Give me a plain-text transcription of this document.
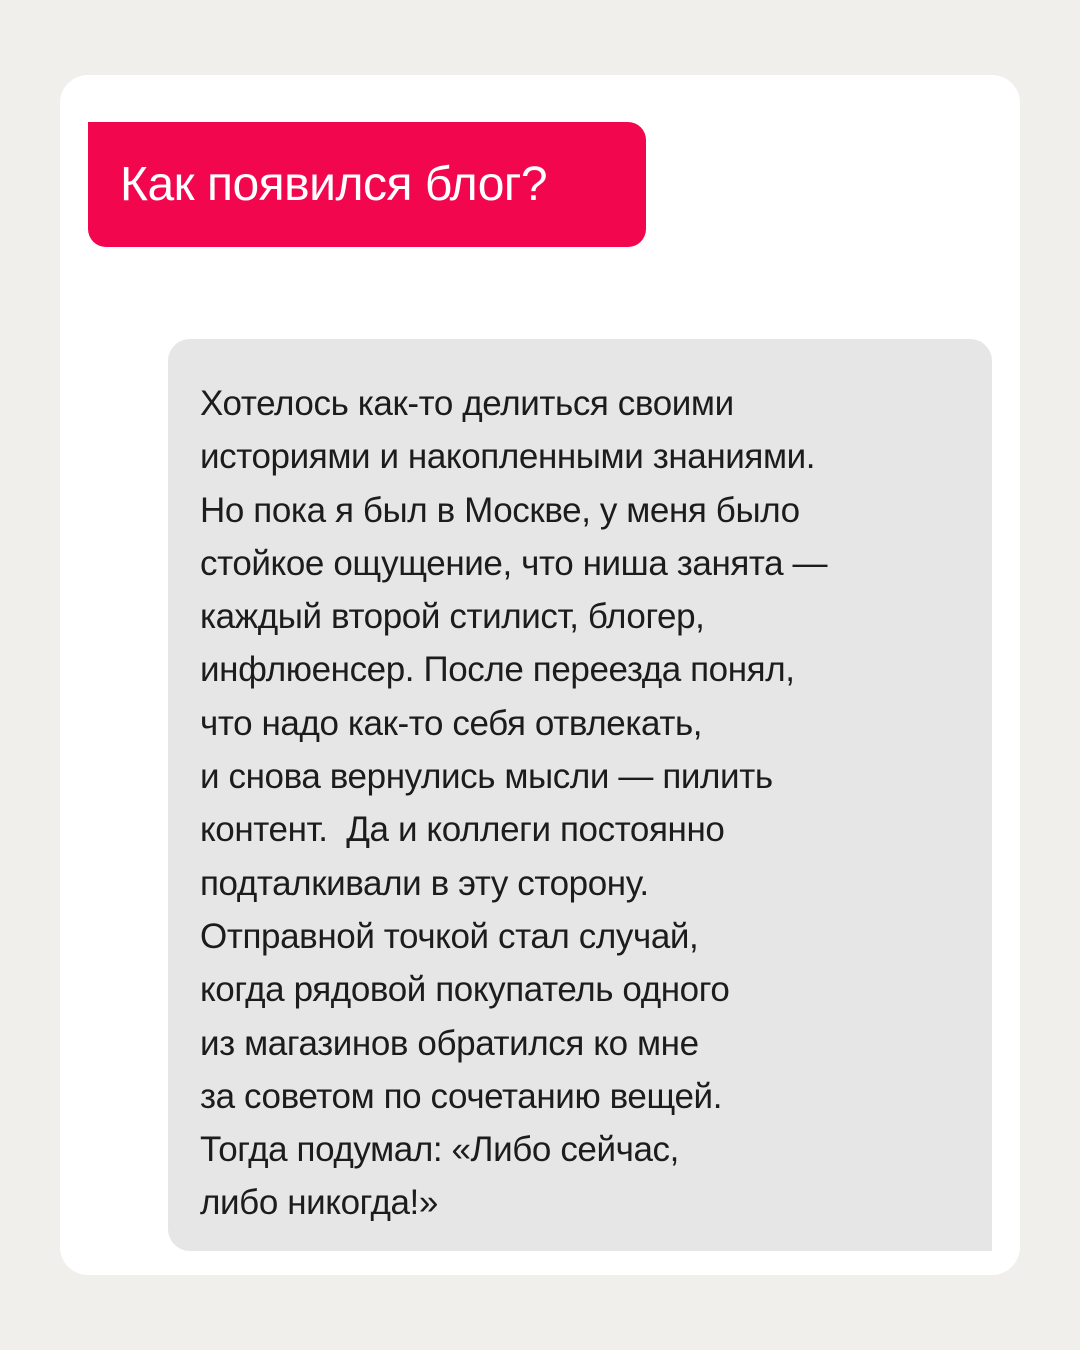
Как появился блог?
Хотелось как-то делиться своими
историями и накопленными знаниями.
Но пока я был в Москве, у меня было
стойкое ощущение, что ниша занята —
каждый второй стилист, блогер,
инфлюенсер. После переезда понял,
что надо как-то себя отвлекать,
и снова вернулись мысли — пилить
контент.  Да и коллеги постоянно
подталкивали в эту сторону.
Отправной точкой стал случай,
когда рядовой покупатель одного
из магазинов обратился ко мне
за советом по сочетанию вещей.
Тогда подумал: «Либо сейчас,
либо никогда!»
